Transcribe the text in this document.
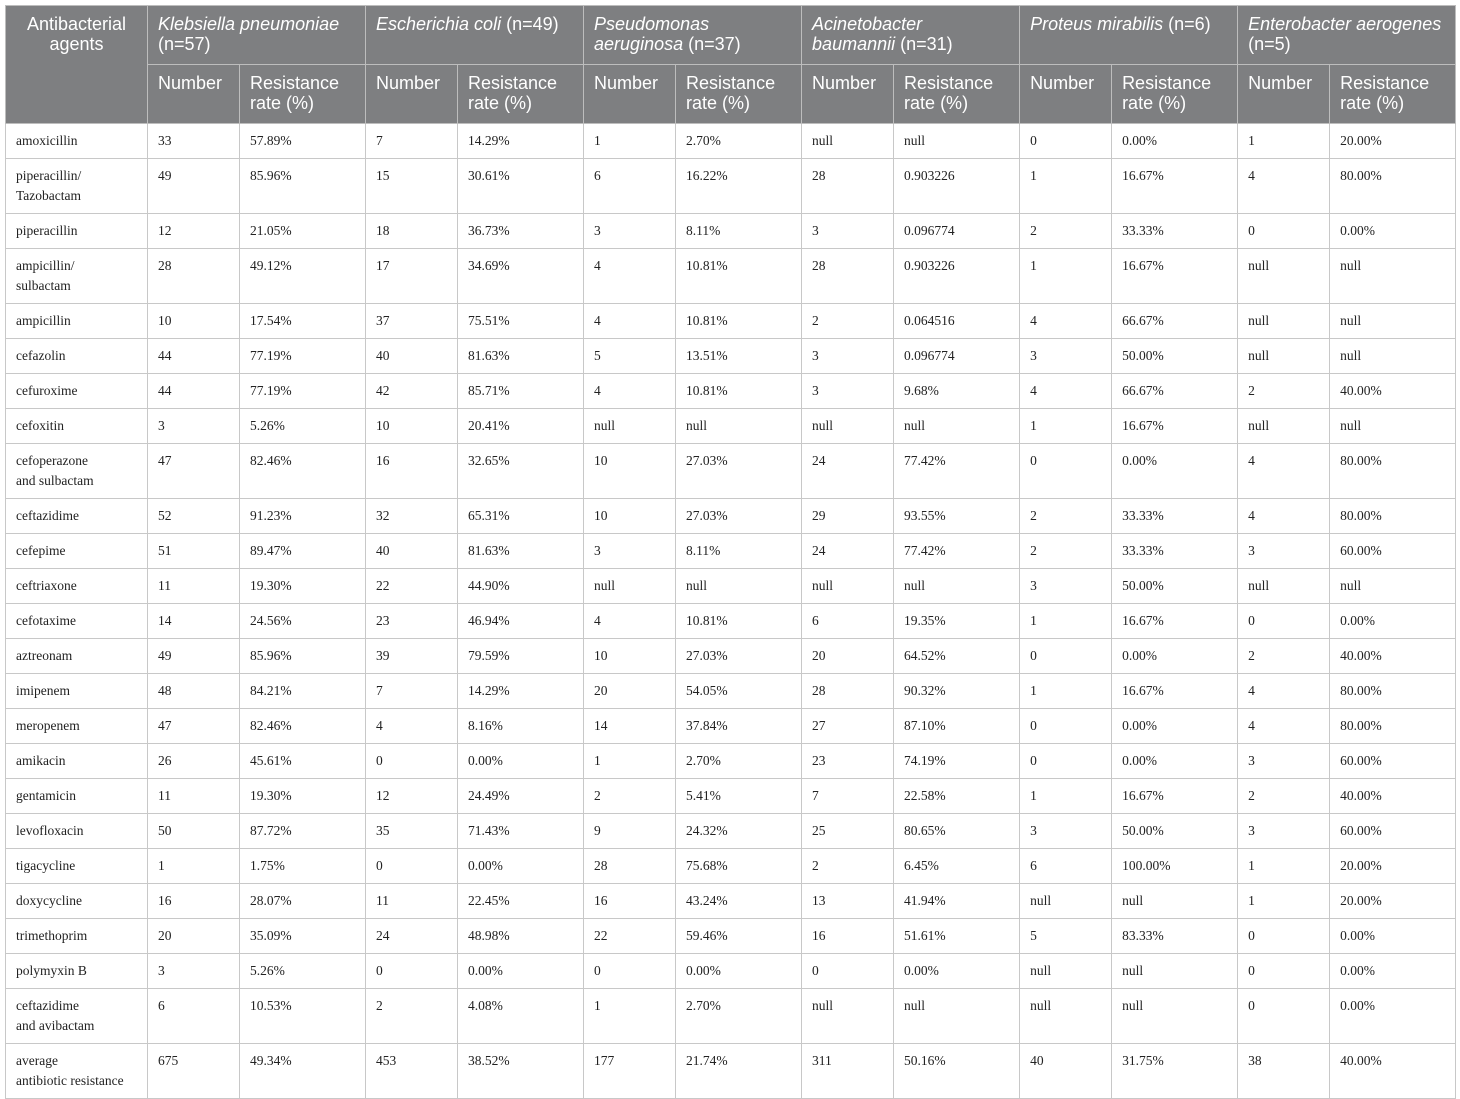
Antibacterial agents	Klebsiella pneumoniae (n=57)		Escherichia coli (n=49)		Pseudomonas aeruginosa (n=37)		Acinetobacter baumannii (n=31)		Proteus mirabilis (n=6)		Enterobacter aerogenes (n=5)	
	Number	Resistance rate (%)	Number	Resistance rate (%)	Number	Resistance rate (%)	Number	Resistance rate (%)	Number	Resistance rate (%)	Number	Resistance rate (%)
amoxicillin	33	57.89%	7	14.29%	1	2.70%	null	null	0	0.00%	1	20.00%
piperacillin/
Tazobactam	49	85.96%	15	30.61%	6	16.22%	28	0.903226	1	16.67%	4	80.00%
piperacillin	12	21.05%	18	36.73%	3	8.11%	3	0.096774	2	33.33%	0	0.00%
ampicillin/
sulbactam	28	49.12%	17	34.69%	4	10.81%	28	0.903226	1	16.67%	null	null
ampicillin	10	17.54%	37	75.51%	4	10.81%	2	0.064516	4	66.67%	null	null
cefazolin	44	77.19%	40	81.63%	5	13.51%	3	0.096774	3	50.00%	null	null
cefuroxime	44	77.19%	42	85.71%	4	10.81%	3	9.68%	4	66.67%	2	40.00%
cefoxitin	3	5.26%	10	20.41%	null	null	null	null	1	16.67%	null	null
cefoperazone
and sulbactam	47	82.46%	16	32.65%	10	27.03%	24	77.42%	0	0.00%	4	80.00%
ceftazidime	52	91.23%	32	65.31%	10	27.03%	29	93.55%	2	33.33%	4	80.00%
cefepime	51	89.47%	40	81.63%	3	8.11%	24	77.42%	2	33.33%	3	60.00%
ceftriaxone	11	19.30%	22	44.90%	null	null	null	null	3	50.00%	null	null
cefotaxime	14	24.56%	23	46.94%	4	10.81%	6	19.35%	1	16.67%	0	0.00%
aztreonam	49	85.96%	39	79.59%	10	27.03%	20	64.52%	0	0.00%	2	40.00%
imipenem	48	84.21%	7	14.29%	20	54.05%	28	90.32%	1	16.67%	4	80.00%
meropenem	47	82.46%	4	8.16%	14	37.84%	27	87.10%	0	0.00%	4	80.00%
amikacin	26	45.61%	0	0.00%	1	2.70%	23	74.19%	0	0.00%	3	60.00%
gentamicin	11	19.30%	12	24.49%	2	5.41%	7	22.58%	1	16.67%	2	40.00%
levofloxacin	50	87.72%	35	71.43%	9	24.32%	25	80.65%	3	50.00%	3	60.00%
tigacycline	1	1.75%	0	0.00%	28	75.68%	2	6.45%	6	100.00%	1	20.00%
doxycycline	16	28.07%	11	22.45%	16	43.24%	13	41.94%	null	null	1	20.00%
trimethoprim	20	35.09%	24	48.98%	22	59.46%	16	51.61%	5	83.33%	0	0.00%
polymyxin B	3	5.26%	0	0.00%	0	0.00%	0	0.00%	null	null	0	0.00%
ceftazidime
and avibactam	6	10.53%	2	4.08%	1	2.70%	null	null	null	null	0	0.00%
average
antibiotic resistance	675	49.34%	453	38.52%	177	21.74%	311	50.16%	40	31.75%	38	40.00%
